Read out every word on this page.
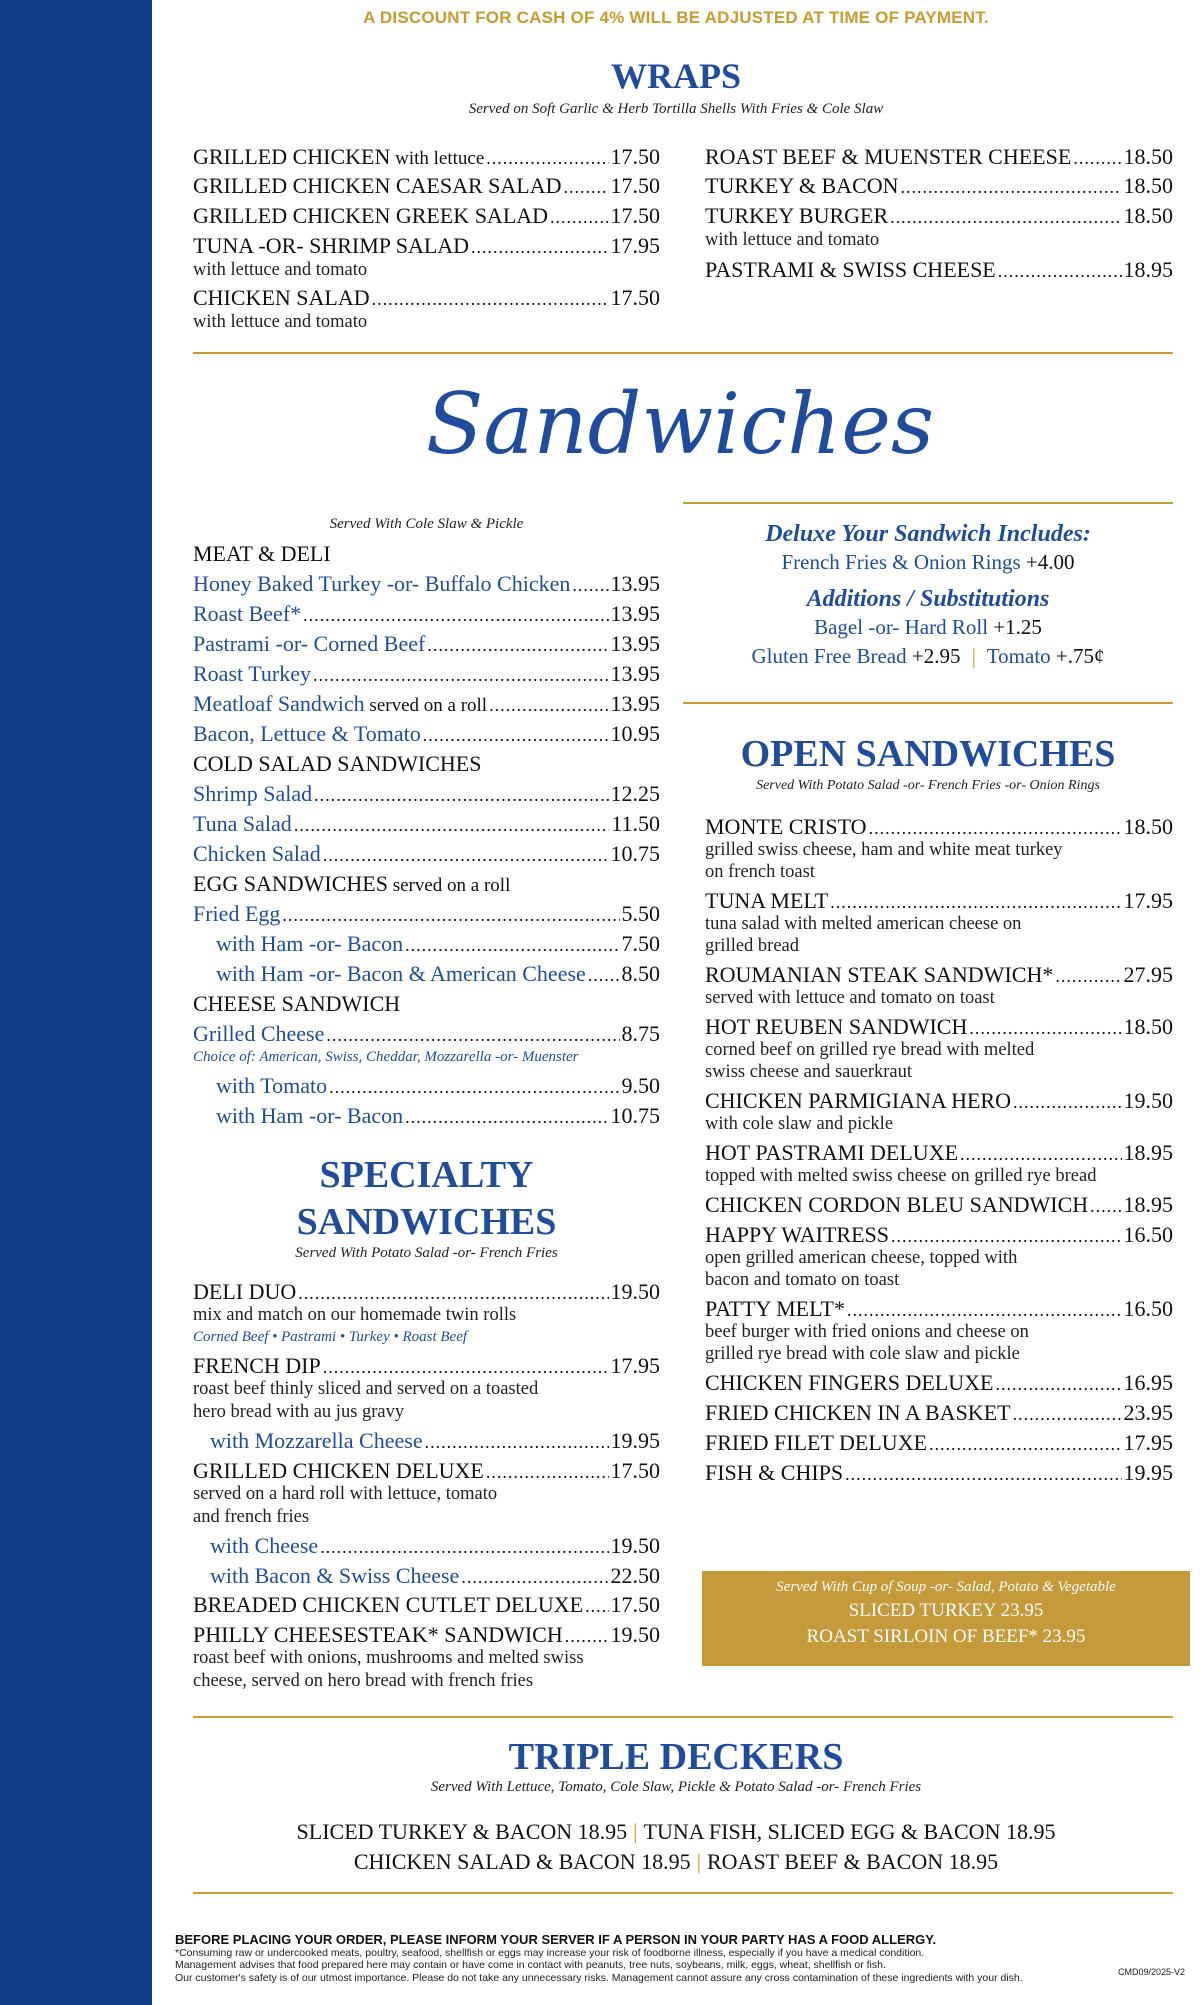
A DISCOUNT FOR CASH OF 4% WILL BE ADJUSTED AT TIME OF PAYMENT.
WRAPS
Served on Soft Garlic & Herb Tortilla Shells With Fries & Cole Slaw
GRILLED CHICKEN with lettuce .....	17.50
GRILLED CHICKEN CAESAR SALAD ..... 17.50
GRILLED CHICKEN GREEK SALAD .....	17.50
TUNA -OR- SHRIMP SALAD .....	17.95
with lettuce and tomato
CHICKEN SALAD .....	17.50
with lettuce and tomato
ROAST BEEF & MUENSTER CHEESE ..... 18.50
TURKEY & BACON .....	18.50
TURKEY BURGER .....	18.50
with lettuce and tomato
PASTRAMI & SWISS CHEESE .....	18.95
Sandwiches
Served With Cole Slaw & Pickle
MEAT & DELI
Honey Baked Turkey -or- Buffalo Chicken ..... 13.95
Roast Beef* .....	13.95
Pastrami -or- Corned Beef .....	13.95
Roast Turkey .....	13.95
Meatloaf Sandwich served on a roll .....	13.95
Bacon, Lettuce & Tomato .....	10.95
COLD SALAD SANDWICHES
Shrimp Salad .....	12.25
Tuna Salad .....	11.50
Chicken Salad .....	10.75
EGG SANDWICHES served on a roll
Fried Egg .....	5.50
with Ham -or- Bacon .....	7.50
with Ham -or- Bacon & American Cheese ..... 8.50
CHEESE SANDWICH
Grilled Cheese .....	8.75
Choice of: American, Swiss, Cheddar, Mozzarella -or- Muenster
with Tomato .....	9.50
with Ham -or- Bacon .....	10.75
Deluxe Your Sandwich Includes:
French Fries & Onion Rings +4.00
Additions / Substitutions
Bagel -or- Hard Roll +1.25
Gluten Free Bread +2.95 | Tomato +.75¢
OPEN SANDWICHES
Served With Potato Salad -or- French Fries -or- Onion Rings
MONTE CRISTO .....	18.50
grilled swiss cheese, ham and white meat turkey
on french toast
TUNA MELT .....	17.95
tuna salad with melted american cheese on
grilled bread
ROUMANIAN STEAK SANDWICH* .....	27.95
served with lettuce and tomato on toast
HOT REUBEN SANDWICH .....	18.50
corned beef on grilled rye bread with melted
swiss cheese and sauerkraut
CHICKEN PARMIGIANA HERO .....	19.50
with cole slaw and pickle
HOT PASTRAMI DELUXE .....	18.95
topped with melted swiss cheese on grilled rye bread
CHICKEN CORDON BLEU SANDWICH ..... 18.95
HAPPY WAITRESS .....	16.50
open grilled american cheese, topped with
bacon and tomato on toast
PATTY MELT* .....	16.50
beef burger with fried onions and cheese on
grilled rye bread with cole slaw and pickle
CHICKEN FINGERS DELUXE .....	16.95
FRIED CHICKEN IN A BASKET .....	23.95
FRIED FILET DELUXE .....	17.95
FISH & CHIPS .....	19.95
Served With Cup of Soup -or- Salad, Potato & Vegetable
SLICED TURKEY 23.95
ROAST SIRLOIN OF BEEF* 23.95
SPECIALTY
SANDWICHES
Served With Potato Salad -or- French Fries
DELI DUO .....	19.50
mix and match on our homemade twin rolls
Corned Beef • Pastrami • Turkey • Roast Beef
FRENCH DIP .....	17.95
roast beef thinly sliced and served on a toasted
hero bread with au jus gravy
with Mozzarella Cheese .....	19.95
GRILLED CHICKEN DELUXE .....	17.50
served on a hard roll with lettuce, tomato
and french fries
with Cheese .....	19.50
with Bacon & Swiss Cheese .....	22.50
BREADED CHICKEN CUTLET DELUXE ..... 17.50
PHILLY CHEESESTEAK* SANDWICH ..... 19.50
roast beef with onions, mushrooms and melted swiss
cheese, served on hero bread with french fries
TRIPLE DECKERS
Served With Lettuce, Tomato, Cole Slaw, Pickle & Potato Salad -or- French Fries
SLICED TURKEY & BACON 18.95 | TUNA FISH, SLICED EGG & BACON 18.95
CHICKEN SALAD & BACON 18.95 | ROAST BEEF & BACON 18.95
BEFORE PLACING YOUR ORDER, PLEASE INFORM YOUR SERVER IF A PERSON IN YOUR PARTY HAS A FOOD ALLERGY.
*Consuming raw or undercooked meats, poultry, seafood, shellfish or eggs may increase your risk of foodborne illness, especially if you have a medical condition.
Management advises that food prepared here may contain or have come in contact with peanuts, tree nuts, soybeans, milk, eggs, wheat, shellfish or fish.
Our customer's safety is of our utmost importance. Please do not take any unnecessary risks. Management cannot assure any cross contamination of these ingredients with your dish.	CMD09/2025-V2
